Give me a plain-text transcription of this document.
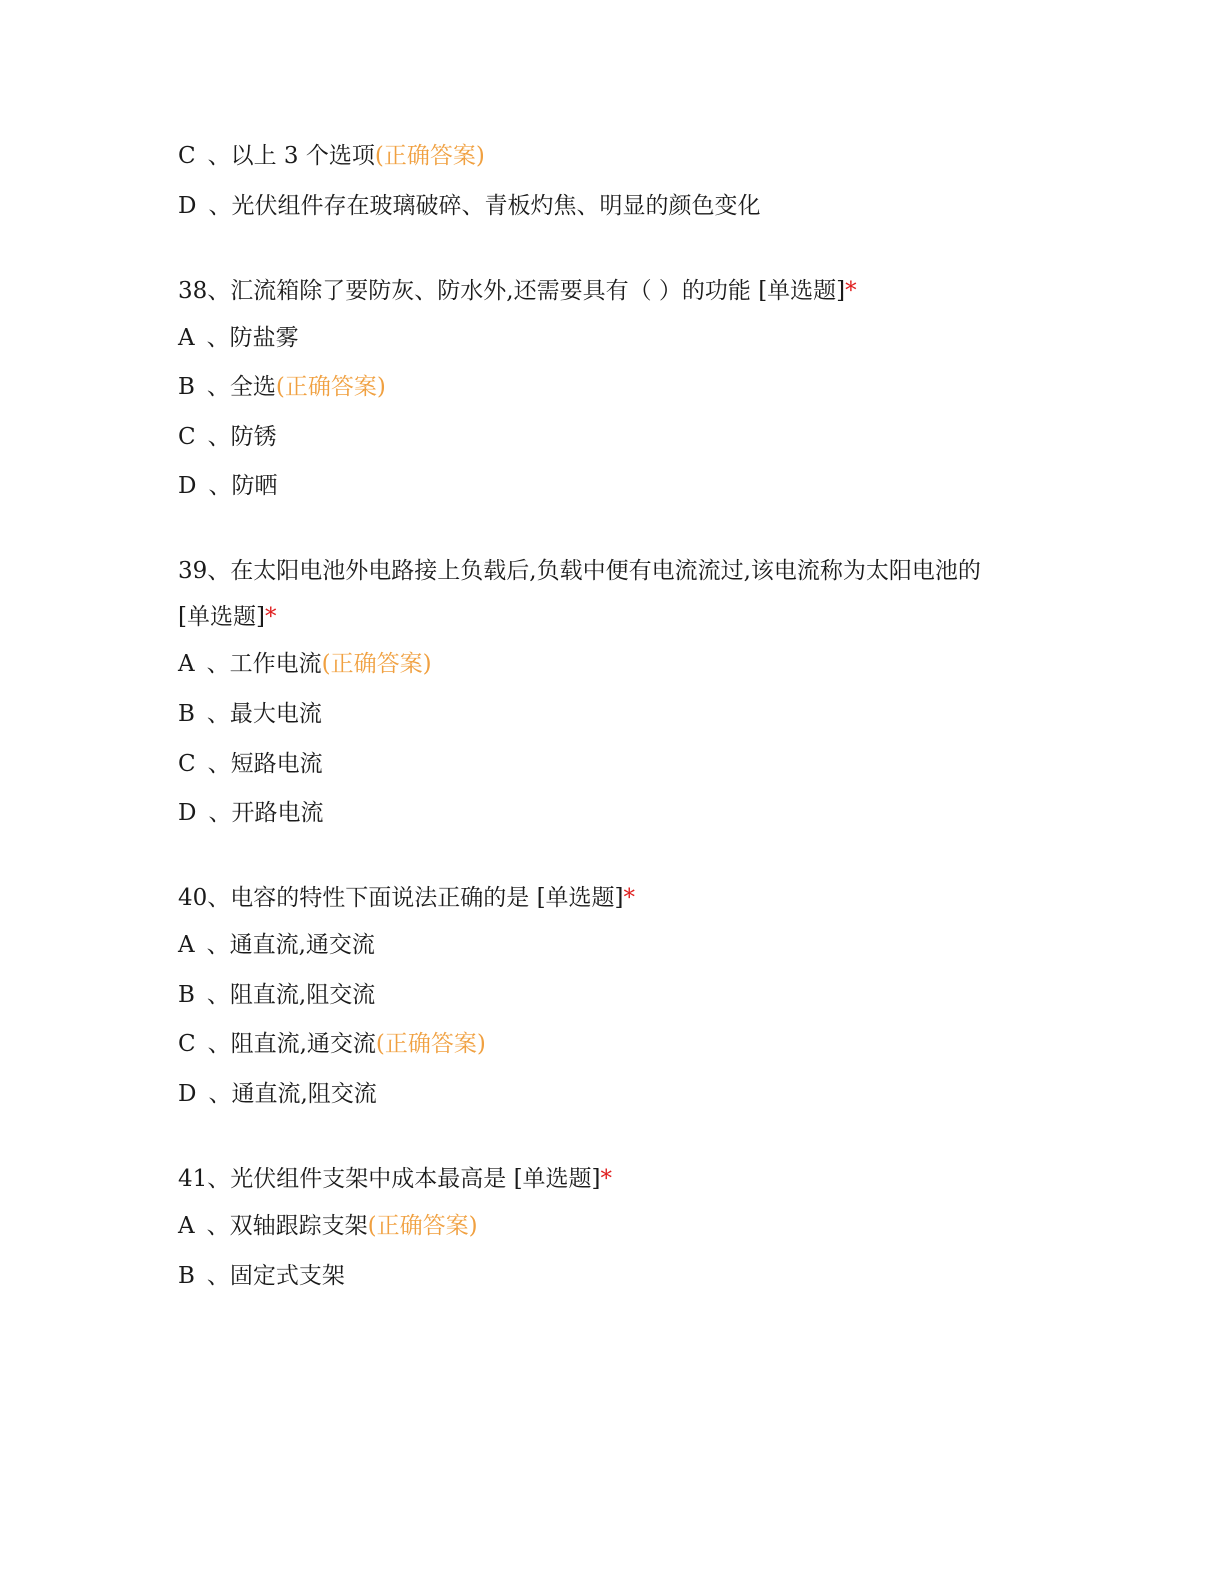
C 、以上 3 个选项(正确答案)
D 、光伏组件存在玻璃破碎、青板灼焦、明显的颜色变化
38、汇流箱除了要防灰、防水外,还需要具有（ ）的功能 [单选题]*
A 、防盐雾
B 、全选(正确答案)
C 、防锈
D 、防晒
39、在太阳电池外电路接上负载后,负载中便有电流流过,该电流称为太阳电池的 [单选题]*
A 、工作电流(正确答案)
B 、最大电流
C 、短路电流
D 、开路电流
40、电容的特性下面说法正确的是 [单选题]*
A 、通直流,通交流
B 、阻直流,阻交流
C 、阻直流,通交流(正确答案)
D 、通直流,阻交流
41、光伏组件支架中成本最高是 [单选题]*
A 、双轴跟踪支架(正确答案)
B 、固定式支架
